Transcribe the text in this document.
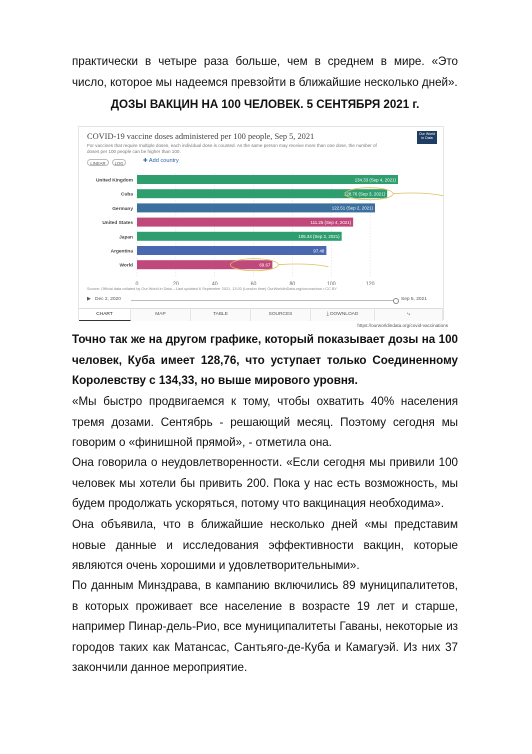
практически в четыре раза больше, чем в среднем в мире. «Это число, которое мы надеемся превзойти в ближайшие несколько дней».
ДОЗЫ ВАКЦИН НА 100 ЧЕЛОВЕК. 5 СЕНТЯБРЯ 2021 г.
COVID-19 vaccine doses administered per 100 people, Sep 5, 2021
For vaccines that require multiple doses, each individual dose is counted. As the same person may receive more than one dose, the number of doses per 100 people can be higher than 100.
Our World in Data
LINEAR	LOG	✚ Add country
0	20	40	60	80	100	120
United Kingdom	134.33 (Sep 4, 2021)
Cuba	128.76 (Sep 3, 2021)
Germany	122.51 (Sep 2, 2021)
United States	111.25 (Sep 4, 2021)
Japan	105.34 (Sep 2, 2021)
Argentina	97.48
World	69.67
Source: Official data collated by Our World in Data – Last updated 6 September 2021, 13:20 (London time) OurWorldInData.org/coronavirus • CC BY
▶ Dec 2, 2020	Sep 5, 2021
CHART	MAP	TABLE	SOURCES	⤓ DOWNLOAD	⤷
https://ourworldindata.org/covid-vaccinations
Точно так же на другом графике, который показывает дозы на 100 человек, Куба имеет 128,76, что уступает только Соединенному Королевству с 134,33, но выше мирового уровня.
«Мы быстро продвигаемся к тому, чтобы охватить 40% населения тремя дозами. Сентябрь - решающий месяц. Поэтому сегодня мы говорим о «финишной прямой», - отметила она.
Она говорила о неудовлетворенности. «Если сегодня мы привили 100 человек мы хотели бы привить 200. Пока у нас есть возможность, мы будем продолжать ускоряться, потому что вакцинация необходима».
Она объявила, что в ближайшие несколько дней «мы представим новые данные и исследования эффективности вакцин, которые являются очень хорошими и удовлетворительными».
По данным Минздрава, в кампанию включились 89 муниципалитетов, в которых проживает все население в возрасте 19 лет и старше, например Пинар-дель-Рио, все муниципалитеты Гаваны, некоторые из городов таких как Матансас, Сантьяго-де-Куба и Камагуэй. Из них 37 закончили данное мероприятие.
